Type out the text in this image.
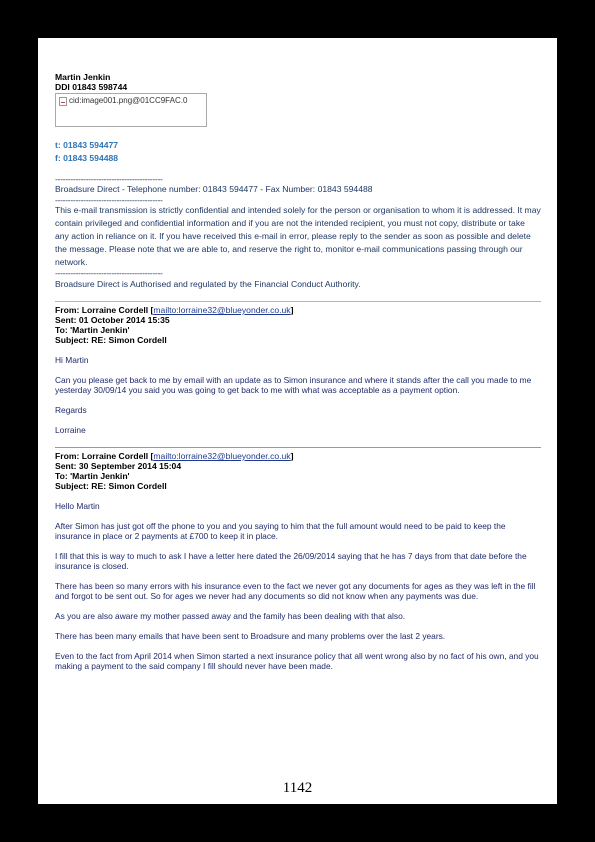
Martin Jenkin
DDI 01843 598744
cid:image001.png@01CC9FAC.0
t: 01843 594477
f: 01843 594488
------------------------------------------
Broadsure Direct - Telephone number: 01843 594477 - Fax Number: 01843 594488
------------------------------------------
This e-mail transmission is strictly confidential and intended solely for the person or organisation to whom it is addressed. It may contain privileged and confidential information and if you are not the intended recipient, you must not copy, distribute or take any action in reliance on it. If you have received this e-mail in error, please reply to the sender as soon as possible and delete the message. Please note that we are able to, and reserve the right to, monitor e-mail communications passing through our network.
------------------------------------------
Broadsure Direct is Authorised and regulated by the Financial Conduct Authority.
From: Lorraine Cordell [mailto:lorraine32@blueyonder.co.uk]
Sent: 01 October 2014 15:35
To: 'Martin Jenkin'
Subject: RE: Simon Cordell

Hi Martin

Can you please get back to me by email with an update as to Simon insurance and where it stands after the call you made to me yesterday 30/09/14 you said you was going to get back to me with what was acceptable as a payment option.

Regards

Lorraine

From: Lorraine Cordell [mailto:lorraine32@blueyonder.co.uk]
Sent: 30 September 2014 15:04
To: 'Martin Jenkin'
Subject: RE: Simon Cordell

Hello Martin

After Simon has just got off the phone to you and you saying to him that the full amount would need to be paid to keep the insurance in place or 2 payments at £700 to keep it in place.

I fill that this is way to much to ask I have a letter here dated the 26/09/2014 saying that he has 7 days from that date before the insurance is closed.

There has been so many errors with his insurance even to the fact we never got any documents for ages as they was left in the fill and forgot to be sent out. So for ages we never had any documents so did not know when any payments was due.

As you are also aware my mother passed away and the family has been dealing with that also.

There has been many emails that have been sent to Broadsure and many problems over the last 2 years.

Even to the fact from April 2014 when Simon started a next insurance policy that all went wrong also by no fact of his own, and you making a payment to the said company I fill should never have been made.

1142
